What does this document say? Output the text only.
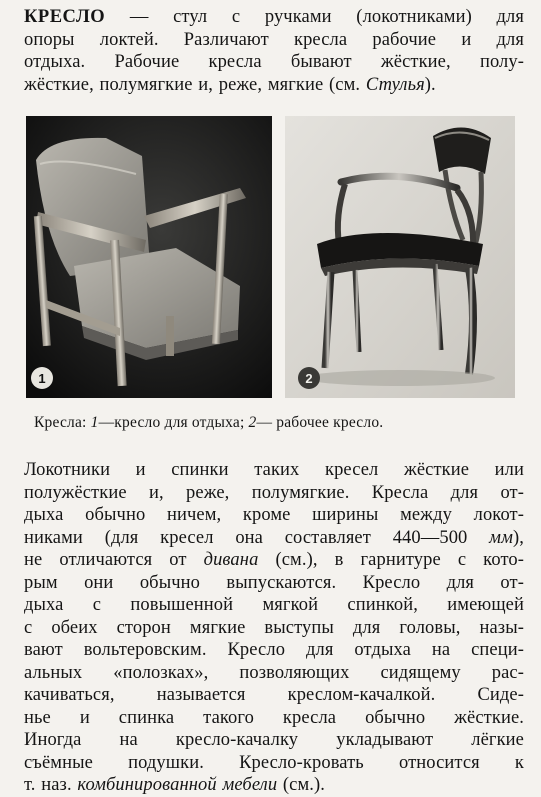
КРЕСЛО — стул с ручками (локотниками) для
опоры локтей. Различают кресла рабочие и для
отдыха. Рабочие кресла бывают жёсткие, полу-
жёсткие, полумягкие и, реже, мягкие (см. Стулья).
1	2
Кресла: 1—кресло для отдыха; 2— рабочее кресло.
Локотники и спинки таких кресел жёсткие или
полужёсткие и, реже, полумягкие. Кресла для от-
дыха обычно ничем, кроме ширины между локот-
никами (для кресел она составляет 440—500 мм),
не отличаются от дивана (см.), в гарнитуре с кото-
рым они обычно выпускаются. Кресло для от-
дыха с повышенной мягкой спинкой, имеющей
с обеих сторон мягкие выступы для головы, назы-
вают вольтеровским. Кресло для отдыха на специ-
альных «полозках», позволяющих сидящему рас-
качиваться, называется креслом-качалкой. Сиде-
нье и спинка такого кресла обычно жёсткие.
Иногда на кресло-качалку укладывают лёгкие
съёмные подушки. Кресло-кровать относится к
т. наз. комбинированной мебели (см.).
